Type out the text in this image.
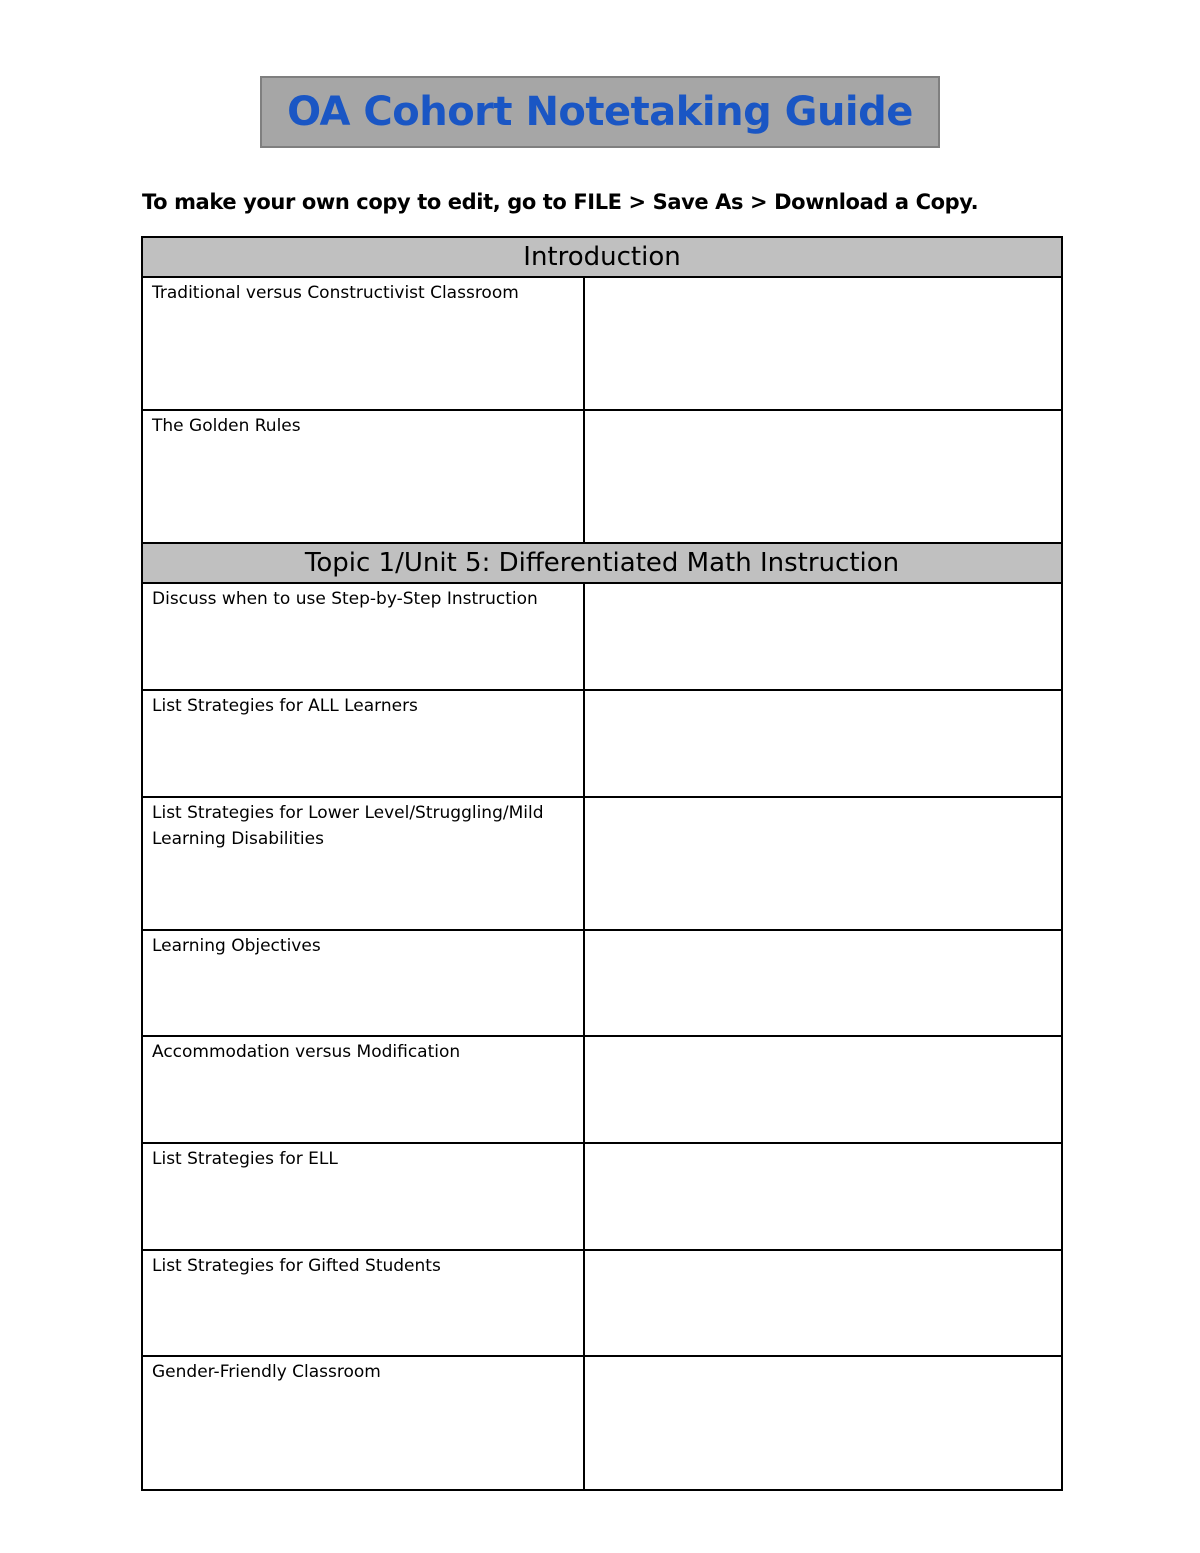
OA Cohort Notetaking Guide
To make your own copy to edit, go to FILE > Save As > Download a Copy.
Introduction	
Traditional versus Constructivist Classroom	
The Golden Rules	
Topic 1/Unit 5: Differentiated Math Instruction	
Discuss when to use Step-by-Step Instruction	
List Strategies for ALL Learners	
List Strategies for Lower Level/Struggling/Mild Learning Disabilities	
Learning Objectives	
Accommodation versus Modification	
List Strategies for ELL	
List Strategies for Gifted Students	
Gender-Friendly Classroom	
